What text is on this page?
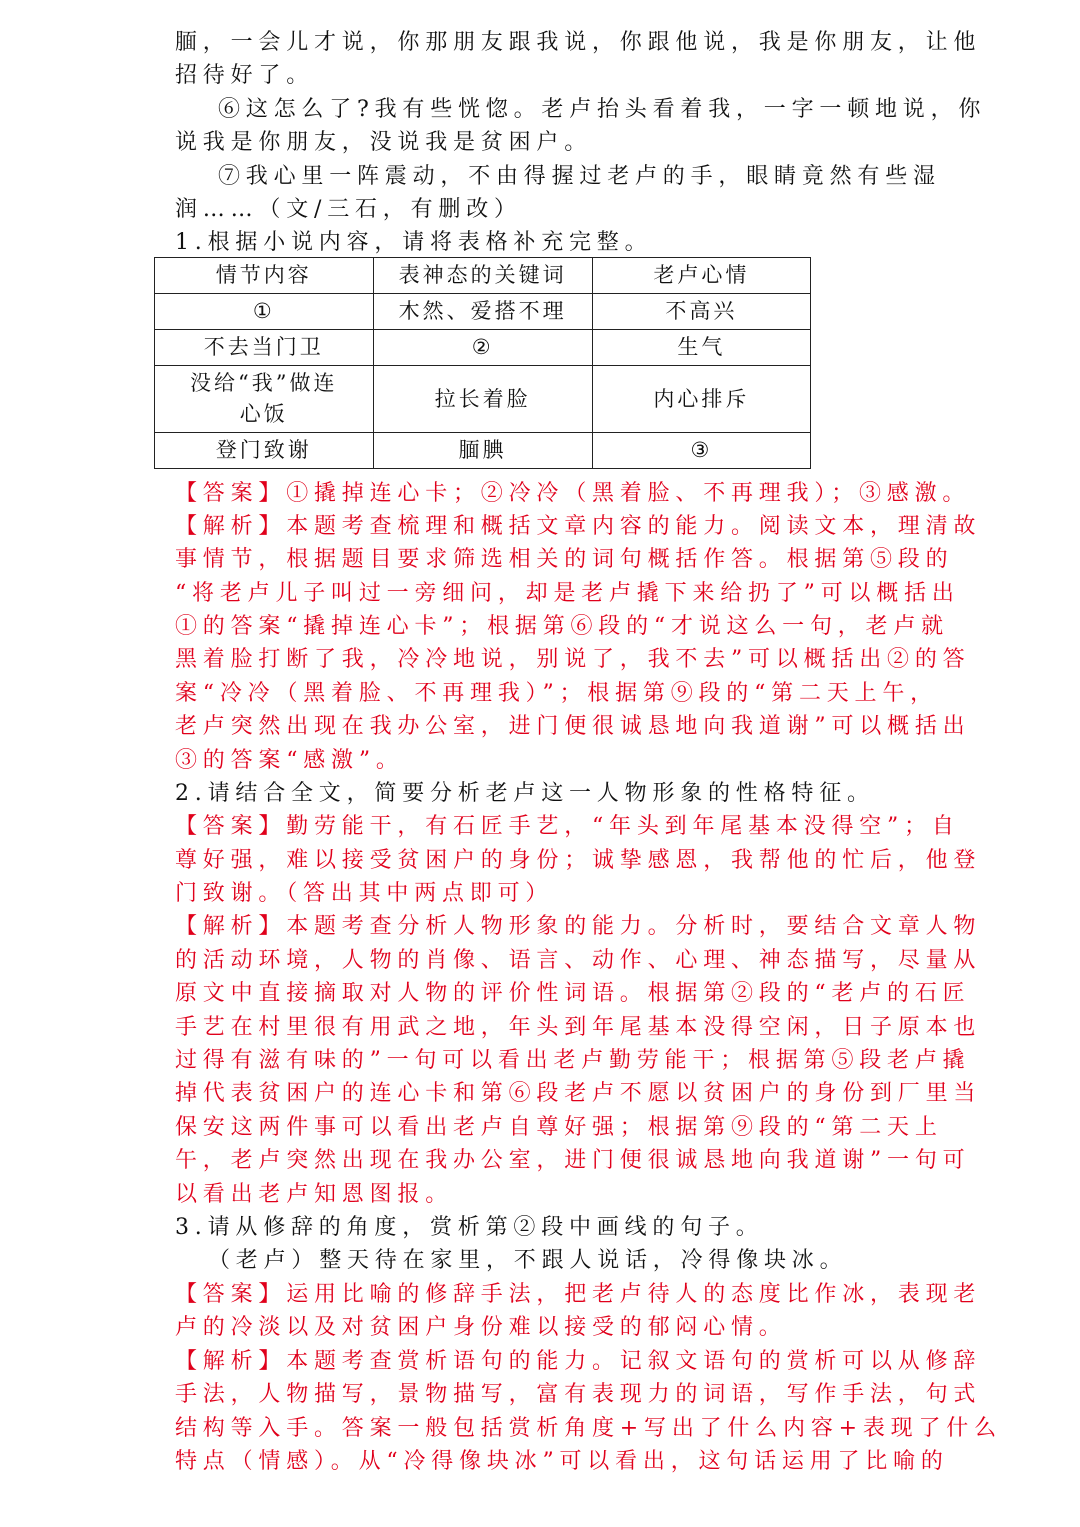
腼，一会儿才说，你那朋友跟我说，你跟他说，我是你朋友，让他
招待好了。
⑥这怎么了?我有些恍惚。老卢抬头看着我，一字一顿地说，你
说我是你朋友，没说我是贫困户。
⑦我心里一阵震动，不由得握过老卢的手，眼睛竟然有些湿
润……（文/三石，有删改）
1.根据小说内容，请将表格补充完整。
情节内容	表神态的关键词	老卢心情
①	木然、爱搭不理	不高兴
不去当门卫	②	生气

没给“我”做连
心饭	拉长着脸	内心排斥
登门致谢	腼腆	③
【答案】①撬掉连心卡；②冷冷（黑着脸、不再理我）；③感激。
【解析】本题考查梳理和概括文章内容的能力。阅读文本，理清故
事情节，根据题目要求筛选相关的词句概括作答。根据第⑤段的
“将老卢儿子叫过一旁细问，却是老卢撬下来给扔了”可以概括出
①的答案“撬掉连心卡”；根据第⑥段的“才说这么一句，老卢就
黑着脸打断了我，冷冷地说，别说了，我不去”可以概括出②的答
案“冷冷（黑着脸、不再理我）”；根据第⑨段的“第二天上午，
老卢突然出现在我办公室，进门便很诚恳地向我道谢”可以概括出
③的答案“感激”。
2.请结合全文，简要分析老卢这一人物形象的性格特征。
【答案】勤劳能干，有石匠手艺，“年头到年尾基本没得空”；自
尊好强，难以接受贫困户的身份；诚挚感恩，我帮他的忙后，他登
门致谢。（答出其中两点即可）
【解析】本题考查分析人物形象的能力。分析时，要结合文章人物
的活动环境，人物的肖像、语言、动作、心理、神态描写，尽量从
原文中直接摘取对人物的评价性词语。根据第②段的“老卢的石匠
手艺在村里很有用武之地，年头到年尾基本没得空闲，日子原本也
过得有滋有味的”一句可以看出老卢勤劳能干；根据第⑤段老卢撬
掉代表贫困户的连心卡和第⑥段老卢不愿以贫困户的身份到厂里当
保安这两件事可以看出老卢自尊好强；根据第⑨段的“第二天上
午，老卢突然出现在我办公室，进门便很诚恳地向我道谢”一句可
以看出老卢知恩图报。
3.请从修辞的角度，赏析第②段中画线的句子。
（老卢）整天待在家里，不跟人说话，冷得像块冰。
【答案】运用比喻的修辞手法，把老卢待人的态度比作冰，表现老
卢的冷淡以及对贫困户身份难以接受的郁闷心情。
【解析】本题考查赏析语句的能力。记叙文语句的赏析可以从修辞
手法，人物描写，景物描写，富有表现力的词语，写作手法，句式
结构等入手。答案一般包括赏析角度+写出了什么内容+表现了什么
特点（情感）。从“冷得像块冰”可以看出，这句话运用了比喻的
